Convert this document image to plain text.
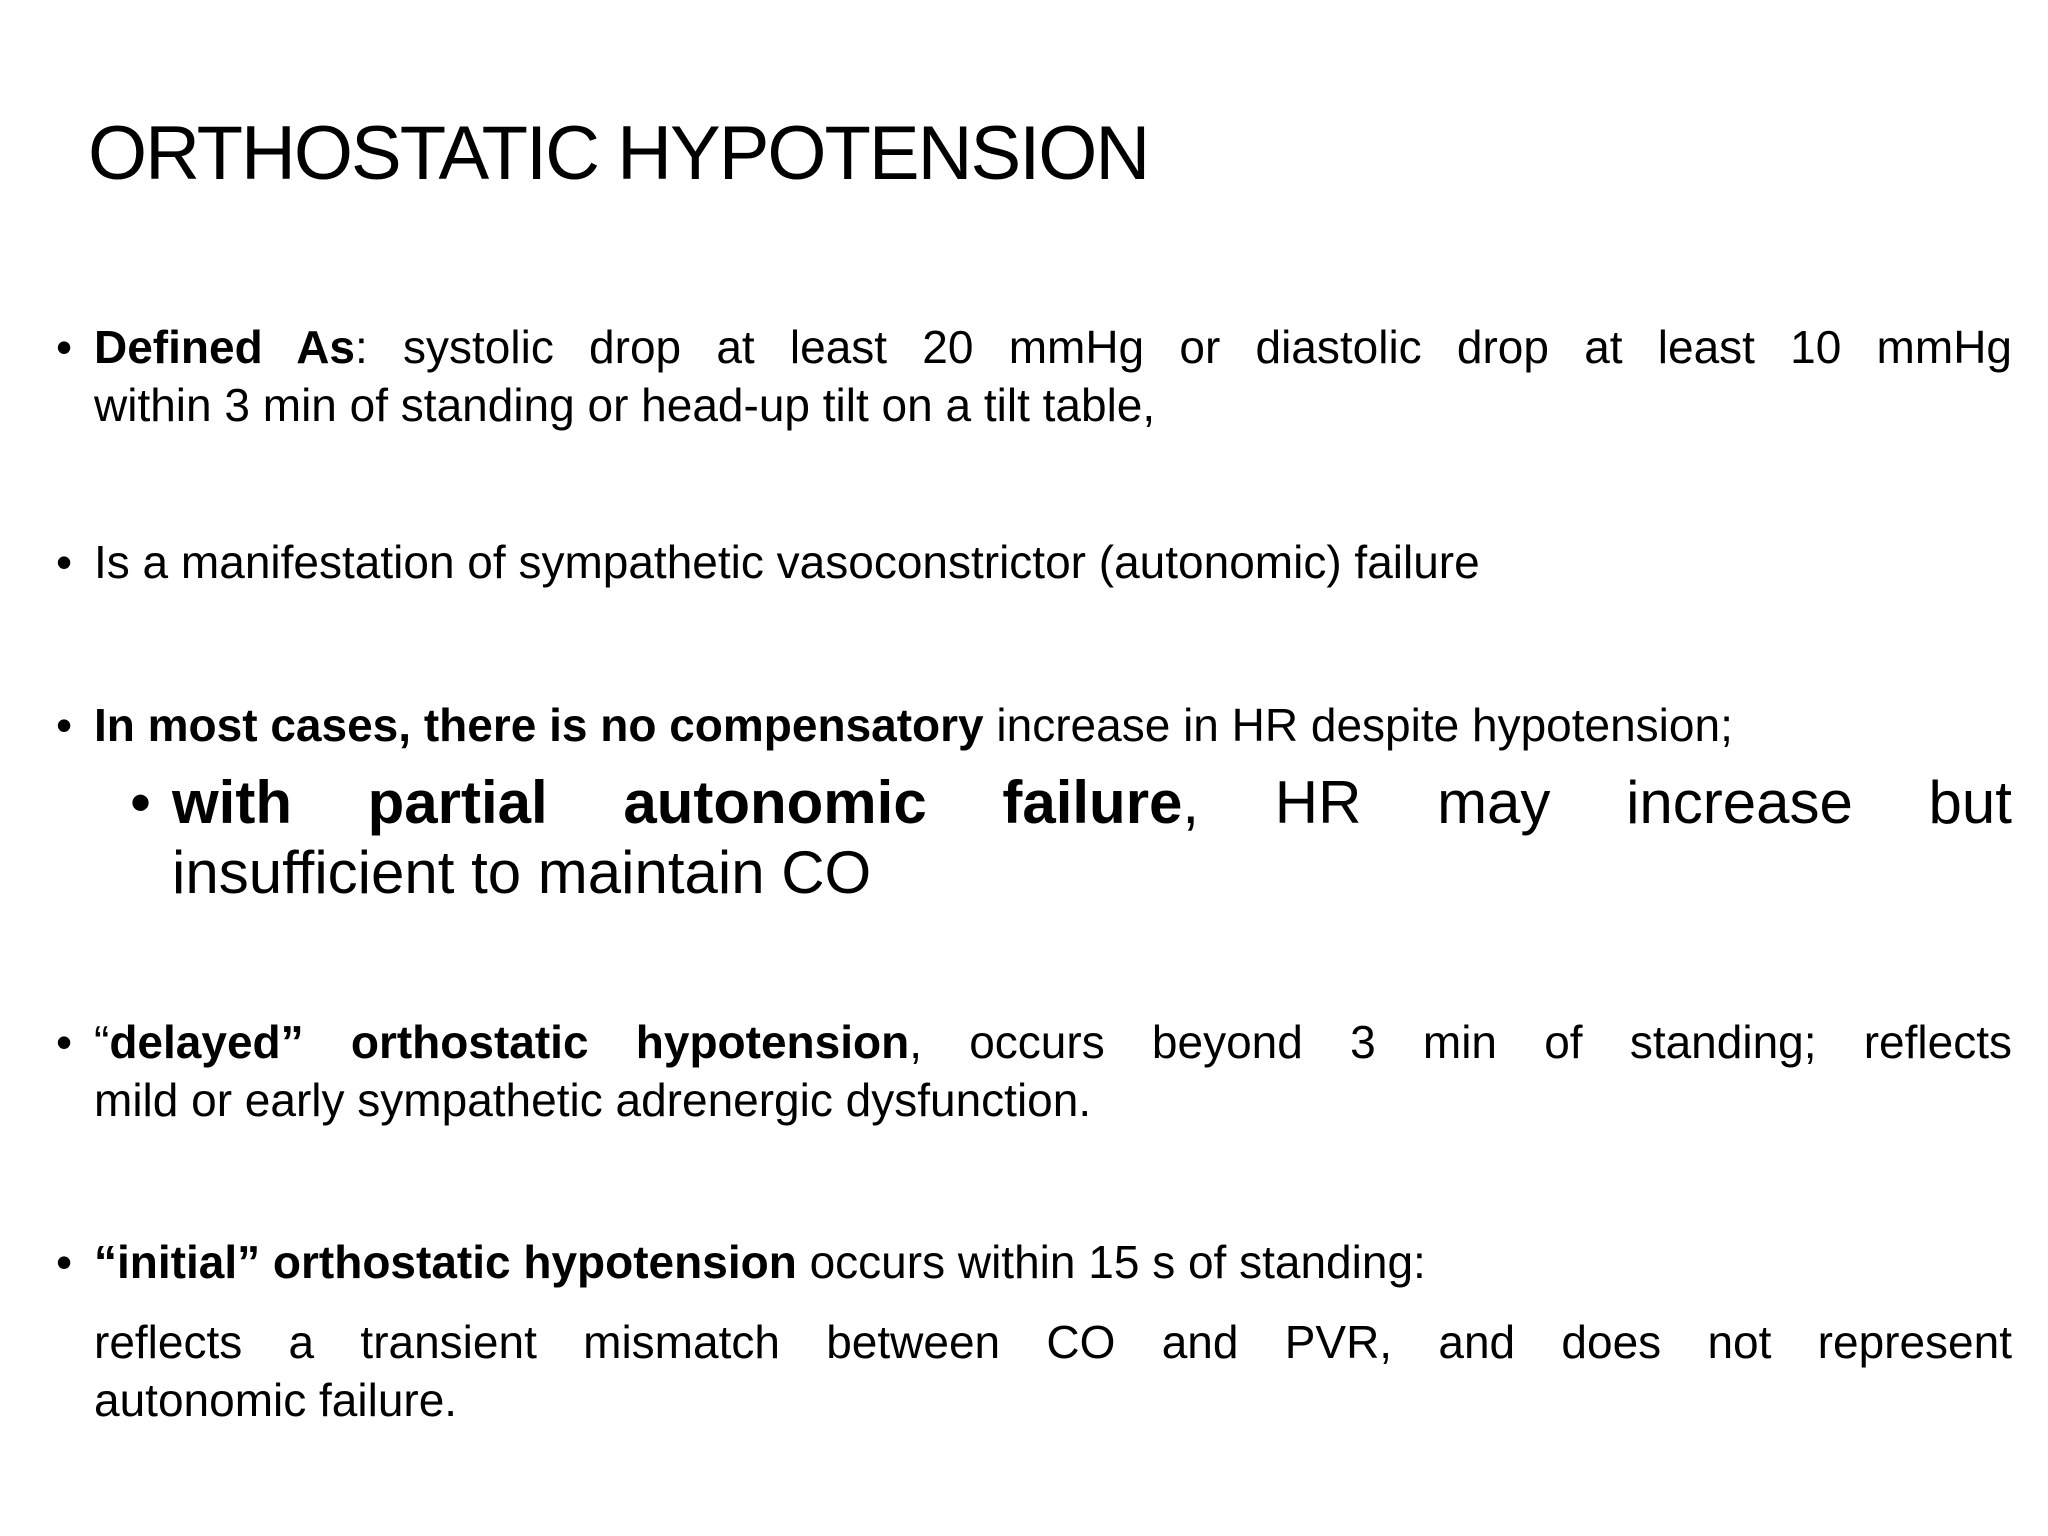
ORTHOSTATIC HYPOTENSION
• Defined As: systolic drop at least 20 mmHg or diastolic drop at least 10 mmHg
within 3 min of standing or head-up tilt on a tilt table,
• Is a manifestation of sympathetic vasoconstrictor (autonomic) failure
• In most cases, there is no compensatory increase in HR despite hypotension;
• with partial autonomic failure, HR may increase but
insufficient to maintain CO
• “delayed” orthostatic hypotension, occurs beyond 3 min of standing; reflects
mild or early sympathetic adrenergic dysfunction.
• “initial” orthostatic hypotension occurs within 15 s of standing:
reflects a transient mismatch between CO and PVR, and does not represent
autonomic failure.
